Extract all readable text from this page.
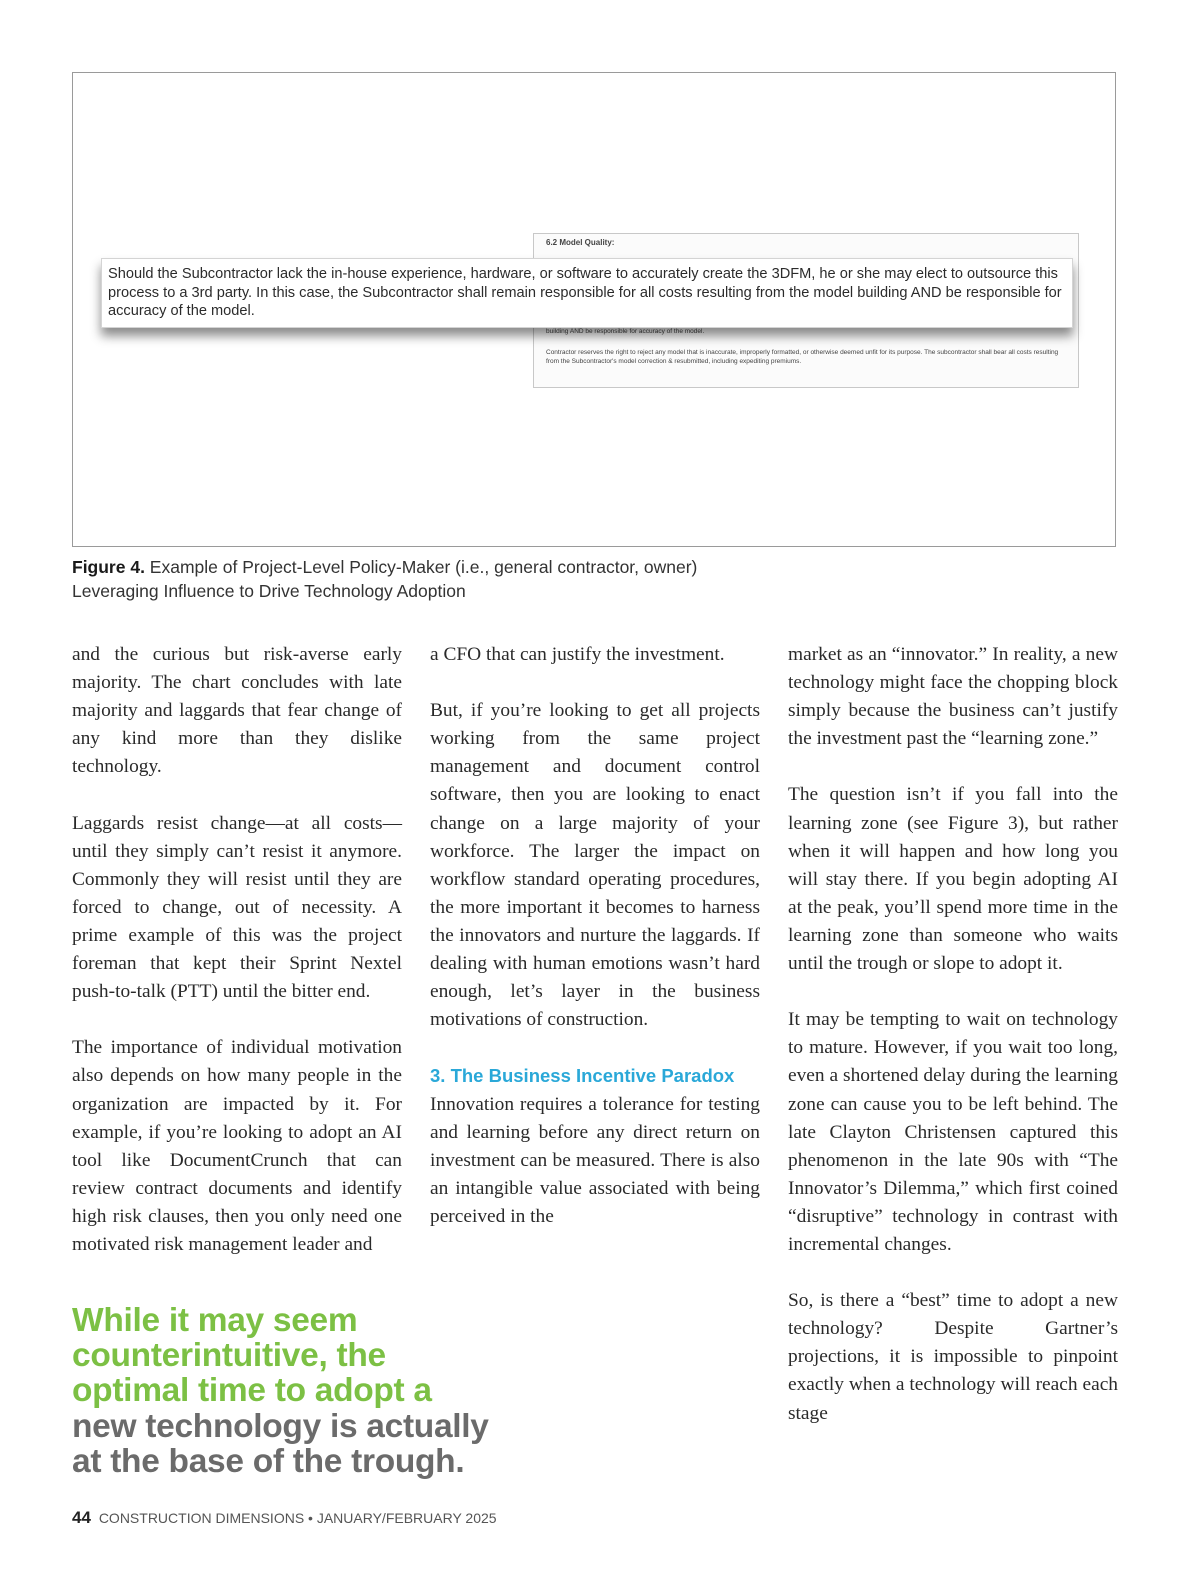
6.2 Model Quality:
building AND be responsible for accuracy of the model.
Contractor reserves the right to reject any model that is inaccurate, improperly formatted, or otherwise deemed unfit for its purpose. The subcontractor shall bear all costs resulting from the Subcontractor's model correction & resubmitted, including expediting premiums.
Should the Subcontractor lack the in-house experience, hardware, or software to accurately create the 3DFM, he or she may elect to outsource this process to a 3rd party. In this case, the Subcontractor shall remain responsible for all costs resulting from the model building AND be responsible for accuracy of the model.
Figure 4. Example of Project-Level Policy-Maker (i.e., general contractor, owner) Leveraging Influence to Drive Technology Adoption

and the curious but risk-averse early majority. The chart concludes with late majority and laggards that fear change of any kind more than they dislike technology.

Laggards resist change—at all costs—until they simply can’t resist it anymore. Commonly they will resist until they are forced to change, out of necessity. A prime example of this was the project foreman that kept their Sprint Nextel push-to-talk (PTT) until the bitter end.

The importance of individual motivation also depends on how many people in the organization are impacted by it. For example, if you’re looking to adopt an AI tool like DocumentCrunch that can review contract documents and identify high risk clauses, then you only need one motivated risk management leader and

a CFO that can justify the investment.

But, if you’re looking to get all projects working from the same project management and document control software, then you are looking to enact change on a large majority of your workforce. The larger the impact on workflow standard operating procedures, the more important it becomes to harness the innovators and nurture the laggards. If dealing with human emotions wasn’t hard enough, let’s layer in the business motivations of construction.

3. The Business Incentive Paradox
Innovation requires a tolerance for testing and learning before any direct return on investment can be measured. There is also an intangible value associated with being perceived in the

market as an “innovator.” In reality, a new technology might face the chopping block simply because the business can’t justify the investment past the “learning zone.”

The question isn’t if you fall into the learning zone (see Figure 3), but rather when it will happen and how long you will stay there. If you begin adopting AI at the peak, you’ll spend more time in the learning zone than someone who waits until the trough or slope to adopt it.

It may be tempting to wait on technology to mature. However, if you wait too long, even a shortened delay during the learning zone can cause you to be left behind. The late Clayton Christensen captured this phenomenon in the late 90s with “The Innovator’s Dilemma,” which first coined “disruptive” technology in contrast with incremental changes.

So, is there a “best” time to adopt a new technology? Despite Gartner’s projections, it is impossible to pinpoint exactly when a technology will reach each stage

While it may seem
counterintuitive, the
optimal time to adopt a
new technology is actually
at the base of the trough.
44 CONSTRUCTION DIMENSIONS • JANUARY/FEBRUARY 2025
